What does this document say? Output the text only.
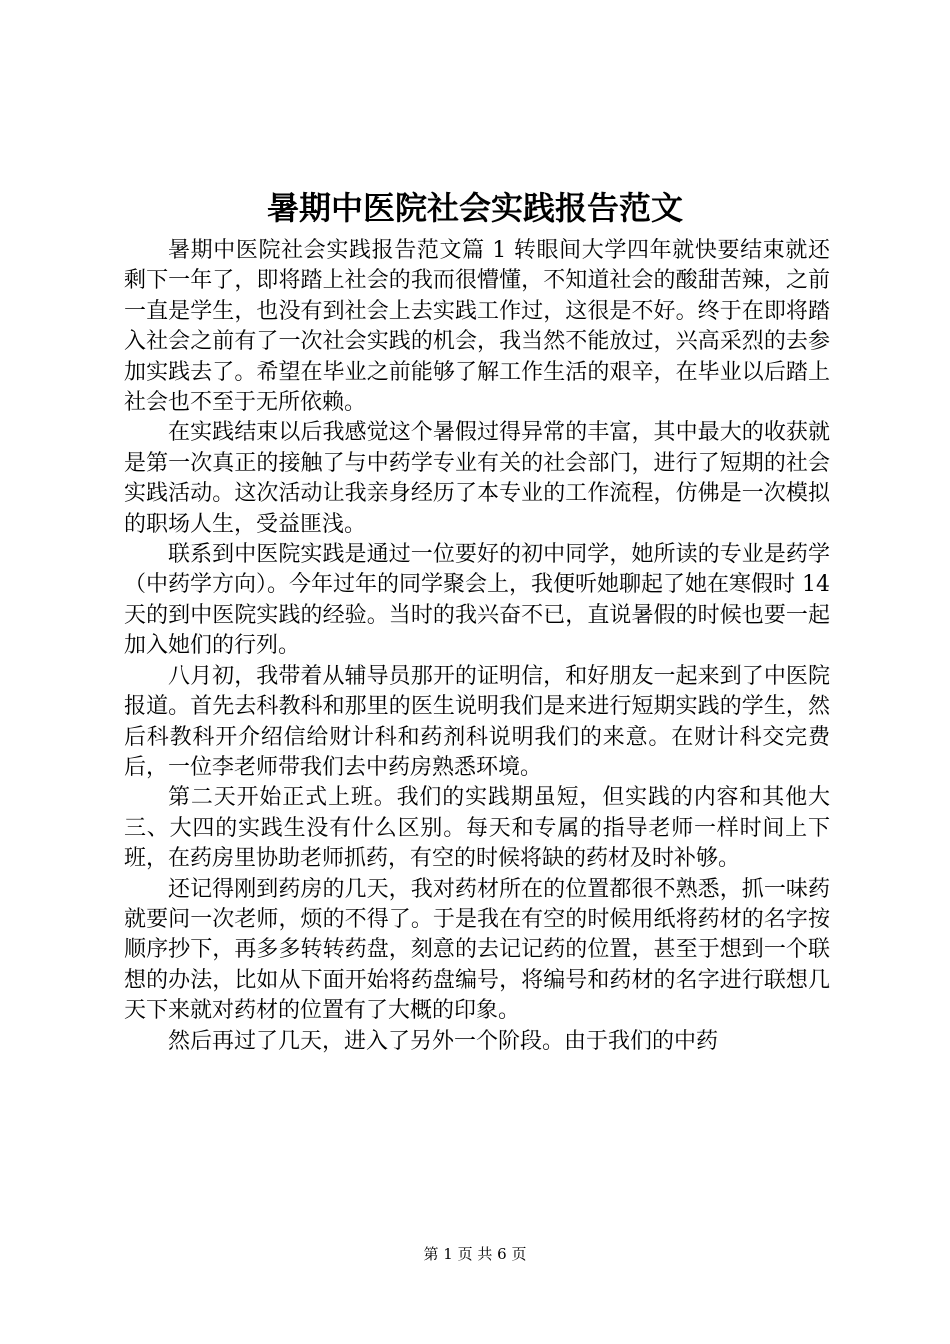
暑期中医院社会实践报告范文

暑期中医院社会实践报告范文篇 1 转眼间大学四年就快要结束就还剩下一年了，即将踏上社会的我而很懵懂，不知道社会的酸甜苦辣，之前一直是学生，也没有到社会上去实践工作过，这很是不好。终于在即将踏入社会之前有了一次社会实践的机会，我当然不能放过，兴高采烈的去参加实践去了。希望在毕业之前能够了解工作生活的艰辛，在毕业以后踏上社会也不至于无所依赖。

在实践结束以后我感觉这个暑假过得异常的丰富，其中最大的收获就是第一次真正的接触了与中药学专业有关的社会部门，进行了短期的社会实践活动。这次活动让我亲身经历了本专业的工作流程，仿佛是一次模拟的职场人生，受益匪浅。

联系到中医院实践是通过一位要好的初中同学，她所读的专业是药学（中药学方向）。今年过年的同学聚会上，我便听她聊起了她在寒假时 14 天的到中医院实践的经验。当时的我兴奋不已，直说暑假的时候也要一起加入她们的行列。

八月初，我带着从辅导员那开的证明信，和好朋友一起来到了中医院报道。首先去科教科和那里的医生说明我们是来进行短期实践的学生，然后科教科开介绍信给财计科和药剂科说明我们的来意。在财计科交完费后，一位李老师带我们去中药房熟悉环境。

第二天开始正式上班。我们的实践期虽短，但实践的内容和其他大三、大四的实践生没有什么区别。每天和专属的指导老师一样时间上下班，在药房里协助老师抓药，有空的时候将缺的药材及时补够。

还记得刚到药房的几天，我对药材所在的位置都很不熟悉，抓一味药就要问一次老师，烦的不得了。于是我在有空的时候用纸将药材的名字按顺序抄下，再多多转转药盘，刻意的去记记药的位置，甚至于想到一个联想的办法，比如从下面开始将药盘编号，将编号和药材的名字进行联想几天下来就对药材的位置有了大概的印象。

然后再过了几天，进入了另外一个阶段。由于我们的中药

第 1 页 共 6 页
